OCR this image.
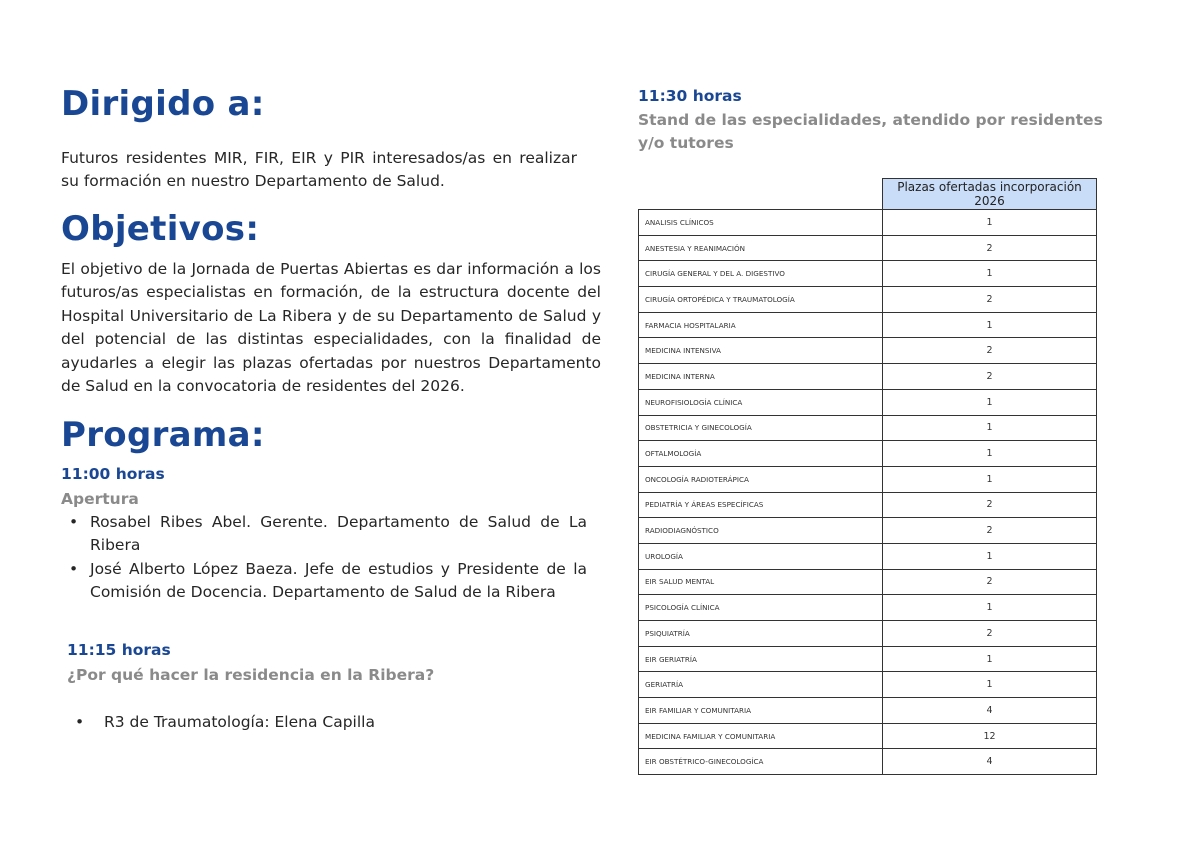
Dirigido a:

Futuros residentes MIR, FIR, EIR y PIR interesados/as en realizar su formación en nuestro Departamento de Salud.

Objetivos:

El objetivo de la Jornada de Puertas Abiertas es dar información a los futuros/as especialistas en formación, de la estructura docente del Hospital Universitario de La Ribera y de su Departamento de Salud y del potencial de las distintas especialidades, con la finalidad de ayudarles a elegir las plazas ofertadas por nuestros Departamento de Salud en la convocatoria de residentes del 2026.

Programa:
11:00 horas
Apertura
• Rosabel Ribes Abel. Gerente. Departamento de Salud de La Ribera
• José Alberto López Baeza. Jefe de estudios y Presidente de la Comisión de Docencia. Departamento de Salud de la Ribera
11:15 horas
¿Por qué hacer la residencia en la Ribera?
• R3 de Traumatología: Elena Capilla
11:30 horas
Stand de las especialidades, atendido por residentes y/o tutores
	Plazas ofertadas incorporación 2026
ANALISIS CLÍNICOS	1
ANESTESIA Y REANIMACIÓN	2
CIRUGÍA GENERAL Y DEL A. DIGESTIVO	1
CIRUGÍA ORTOPÉDICA Y TRAUMATOLOGÍA	2
FARMACIA HOSPITALARIA	1
MEDICINA INTENSIVA	2
MEDICINA INTERNA	2
NEUROFISIOLOGÍA CLÍNICA	1
OBSTETRICIA Y GINECOLOGÍA	1
OFTALMOLOGÍA	1
ONCOLOGÍA RADIOTERÁPICA	1
PEDIATRÍA Y ÁREAS ESPECÍFICAS	2
RADIODIAGNÓSTICO	2
UROLOGÍA	1
EIR SALUD MENTAL	2
PSICOLOGÍA CLÍNICA	1
PSIQUIATRÍA	2
EIR GERIATRÍA	1
GERIATRÍA	1
EIR FAMILIAR Y COMUNITARIA	4
MEDICINA FAMILIAR Y COMUNITARIA	12
EIR OBSTÉTRICO-GINECOLOGÍCA	4
